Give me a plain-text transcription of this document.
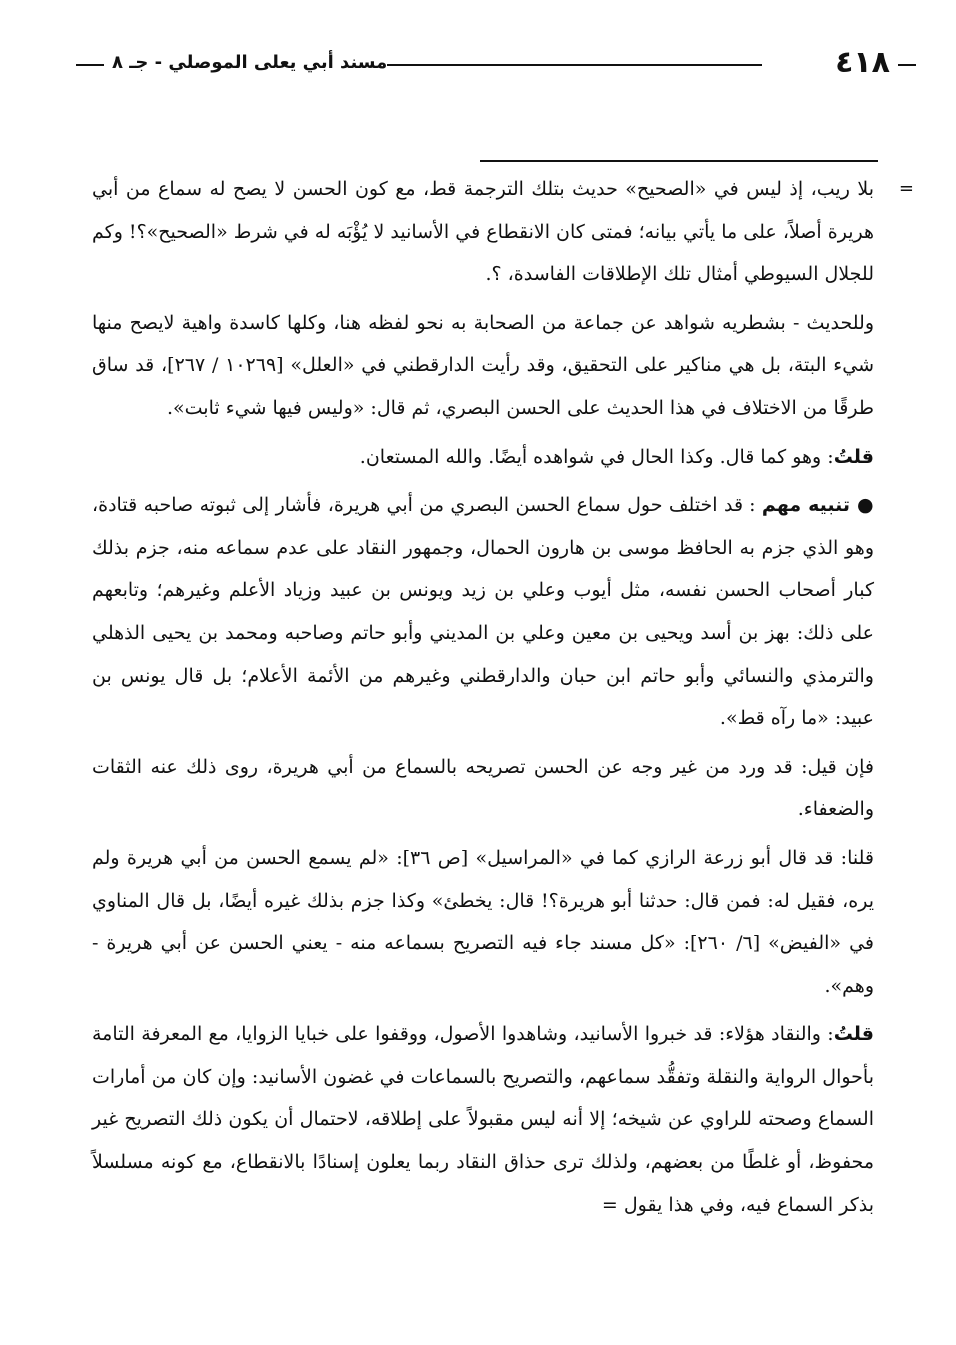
٤١٨
مسند أبي يعلى الموصلي - جـ ٨

=
بلا ريب، إذ ليس في «الصحيح» حديث بتلك الترجمة قط، مع كون الحسن لا يصح له سماع من أبي هريرة أصلاً، على ما يأتي بيانه؛ فمتى كان الانقطاع في الأسانيد لا يُؤْبَه له في شرط «الصحيح»؟! وكم للجلال السيوطي أمثال تلك الإطلاقات الفاسدة، ؟.

وللحديث - بشطريه شواهد عن جماعة من الصحابة به نحو لفظه هنا، وكلها كاسدة واهية لايصح منها شيء البتة، بل هي مناكير على التحقيق، وقد رأيت الدارقطني في «العلل» [١٠٢٦٩ / ٢٦٧]، قد ساق طرقًا من الاختلاف في هذا الحديث على الحسن البصري، ثم قال: «وليس فيها شيء ثابت».

قلتُ: وهو كما قال. وكذا الحال في شواهده أيضًا. والله المستعان.

● تنبيه مهم : قد اختلف حول سماع الحسن البصري من أبي هريرة، فأشار إلى ثبوته صاحبه قتادة، وهو الذي جزم به الحافظ موسى بن هارون الحمال، وجمهور النقاد على عدم سماعه منه، جزم بذلك كبار أصحاب الحسن نفسه، مثل أيوب وعلي بن زيد ويونس بن عبيد وزياد الأعلم وغيرهم؛ وتابعهم على ذلك: بهز بن أسد ويحيى بن معين وعلي بن المديني وأبو حاتم وصاحبه ومحمد بن يحيى الذهلي والترمذي والنسائي وأبو حاتم ابن حبان والدارقطني وغيرهم من الأئمة الأعلام؛ بل قال يونس بن عبيد: «ما رآه قط».

فإن قيل: قد ورد من غير وجه عن الحسن تصريحه بالسماع من أبي هريرة، روى ذلك عنه الثقات والضعفاء.

قلنا: قد قال أبو زرعة الرازي كما في «المراسيل» [ص ٣٦]: «لم يسمع الحسن من أبي هريرة ولم يره، فقيل له: فمن قال: حدثنا أبو هريرة؟! قال: يخطئ» وكذا جزم بذلك غيره أيضًا، بل قال المناوي في «الفيض» [٦/ ٢٦٠]: «كل مسند جاء فيه التصريح بسماعه منه - يعني الحسن عن أبي هريرة - وهم».

قلتُ: والنقاد هؤلاء: قد خبروا الأسانيد، وشاهدوا الأصول، ووقفوا على خبايا الزوايا، مع المعرفة التامة بأحوال الرواية والنقلة وتفقُّد سماعهم، والتصريح بالسماعات في غضون الأسانيد: وإن كان من أمارات السماع وصحته للراوي عن شيخه؛ إلا أنه ليس مقبولاً على إطلاقه، لاحتمال أن يكون ذلك التصريح غير محفوظ، أو غلطًا من بعضهم، ولذلك ترى حذاق النقاد ربما يعلون إسنادًا بالانقطاع، مع كونه مسلسلاً بذكر السماع فيه، وفي هذا يقول =
